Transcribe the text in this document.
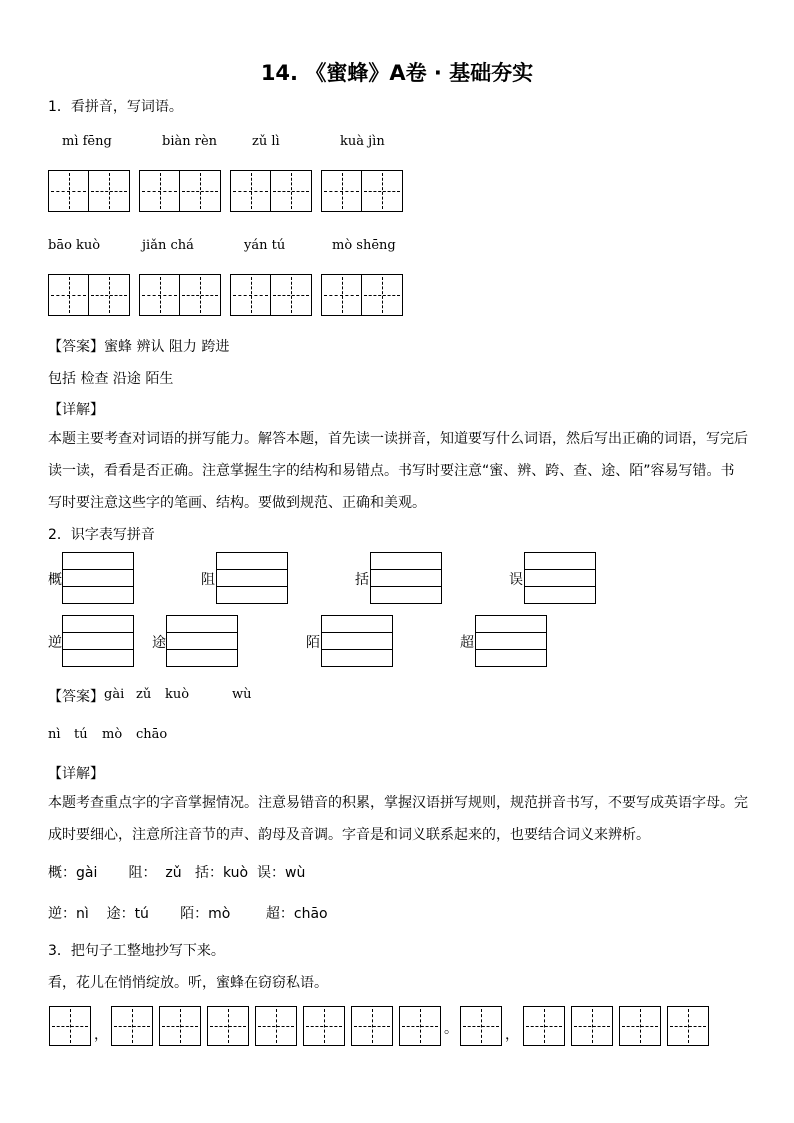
14. 《蜜蜂》A卷 · 基础夯实
1．看拼音，写词语。
mì fēng	biàn rèn	zǔ lì	kuà jìn
bāo kuò	jiǎn chá	yán tú	mò shēng
【答案】蜜蜂 辨认 阻力 跨进
包括 检查 沿途 陌生
【详解】
本题主要考查对词语的拼写能力。解答本题，首先读一读拼音，知道要写什么词语，然后写出正确的词语，写完后读一读，看看是否正确。注意掌握生字的结构和易错点。书写时要注意“蜜、辨、跨、查、途、陌”容易写错。书写时要注意这些字的笔画、结构。要做到规范、正确和美观。
2．识字表写拼音
概	阻	括	误
逆	途	陌	超
【答案】 gài zǔ kuò	wù
nì tú mò chāo
【详解】
本题考查重点字的字音掌握情况。注意易错音的积累，掌握汉语拼写规则，规范拼音书写，不要写成英语字母。完成时要细心，注意所注音节的声、韵母及音调。字音是和词义联系起来的，也要结合词义来辨析。
概：gài       阻：  zǔ   括：kuò  误：wù
逆：nì    途：tú       陌：mò        超：chāo
3．把句子工整地抄写下来。
看，花儿在悄悄绽放。听，蜜蜂在窃窃私语。
，	。	，
